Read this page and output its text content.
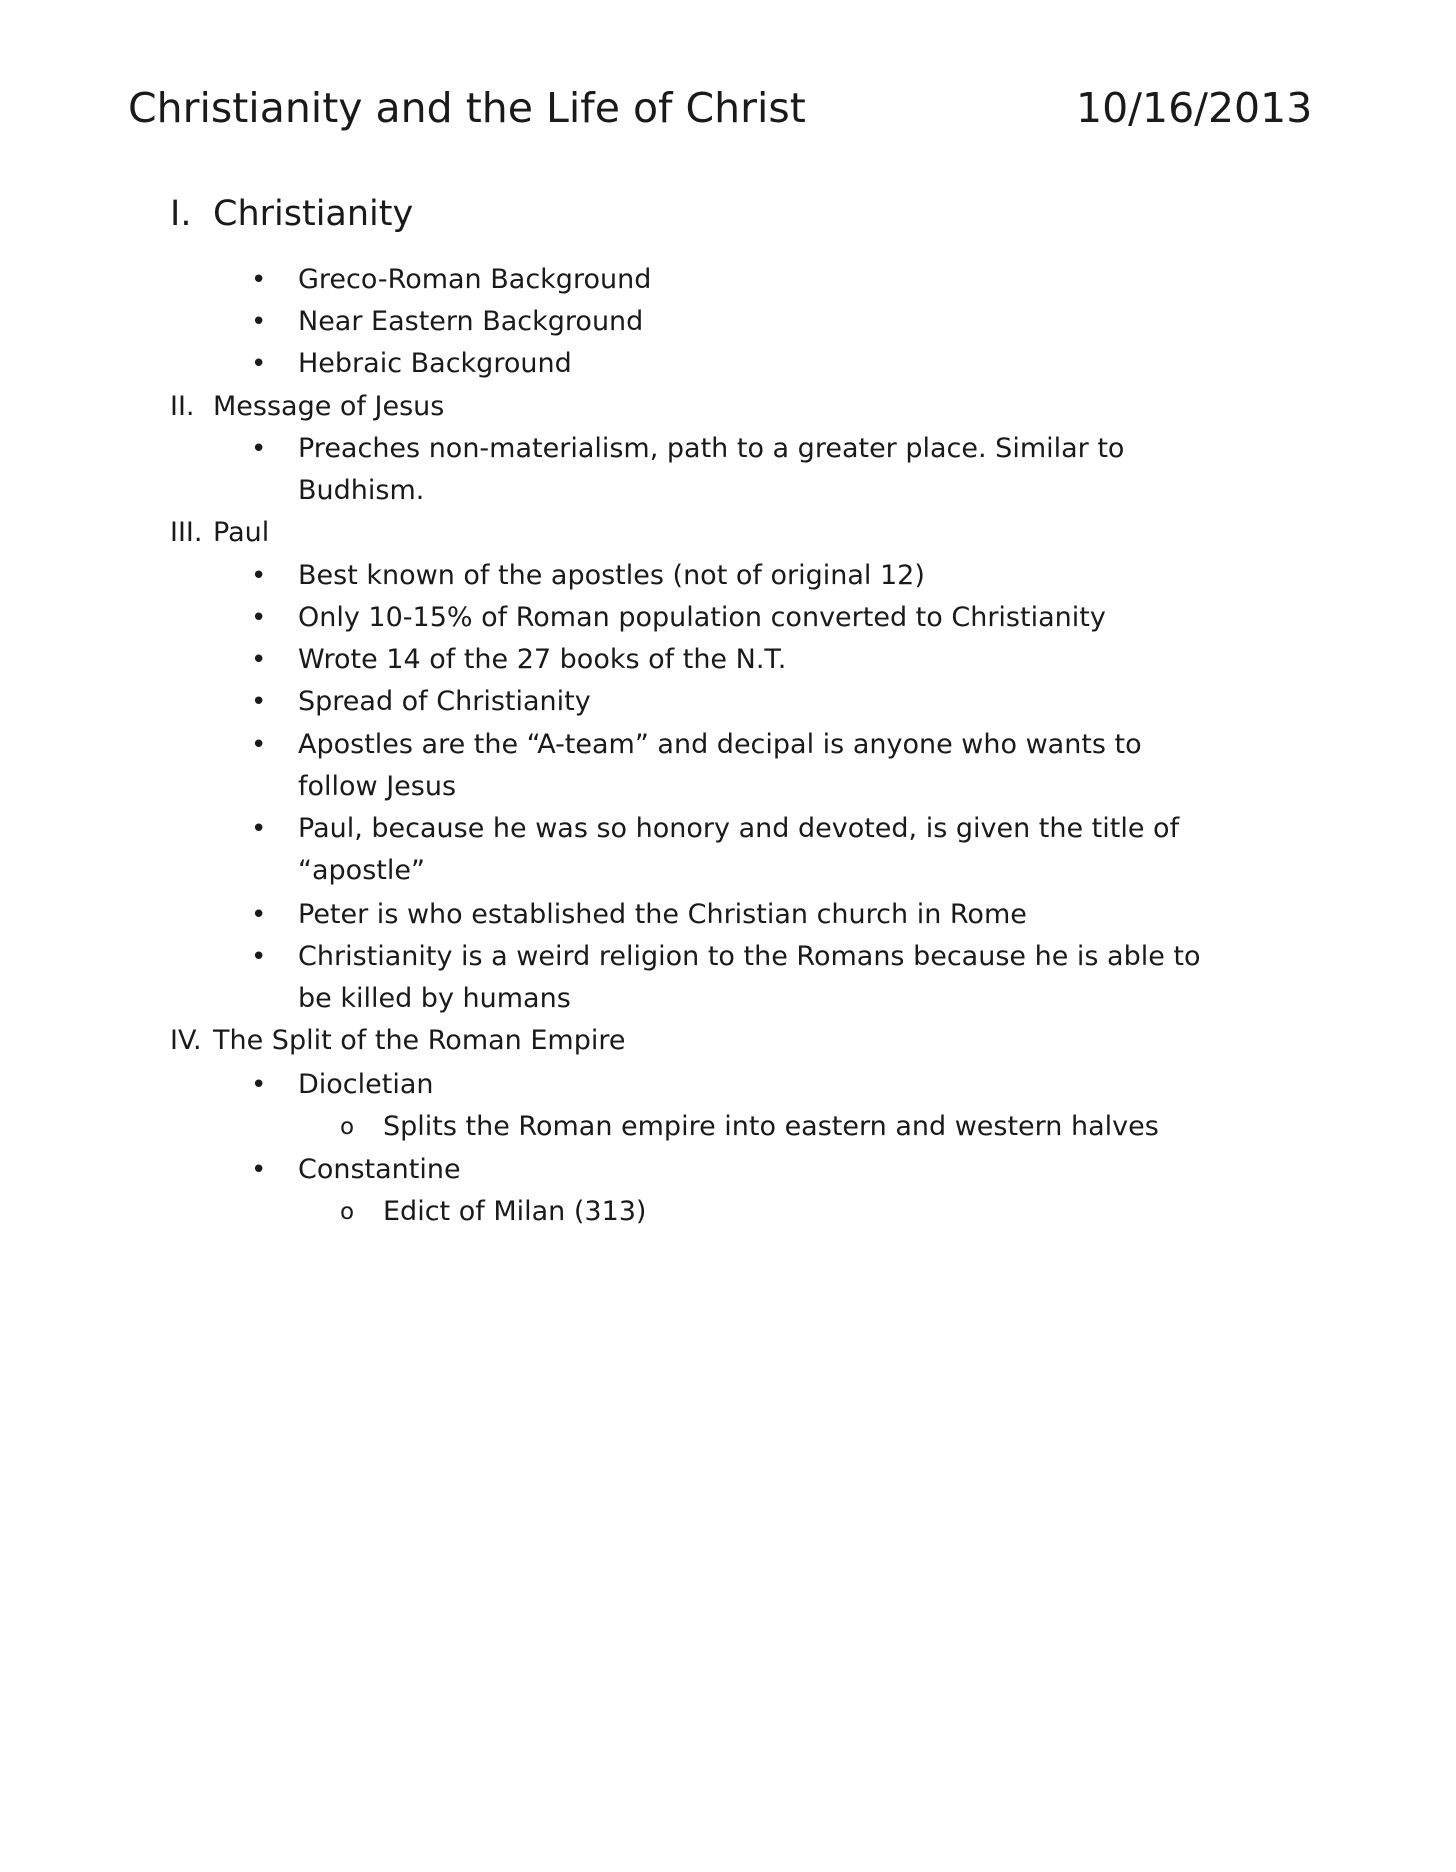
Christianity and the Life of Christ	10/16/2013
I. Christianity
• Greco-Roman Background
• Near Eastern Background
• Hebraic Background
II. Message of Jesus
• Preaches non-materialism, path to a greater place. Similar to
Budhism.
III. Paul
• Best known of the apostles (not of original 12)
• Only 10-15% of Roman population converted to Christianity
• Wrote 14 of the 27 books of the N.T.
• Spread of Christianity
• Apostles are the “A-team” and decipal is anyone who wants to
follow Jesus
• Paul, because he was so honory and devoted, is given the title of
“apostle”
• Peter is who established the Christian church in Rome
• Christianity is a weird religion to the Romans because he is able to
be killed by humans
IV. The Split of the Roman Empire
• Diocletian
o Splits the Roman empire into eastern and western halves
• Constantine
o Edict of Milan (313)
